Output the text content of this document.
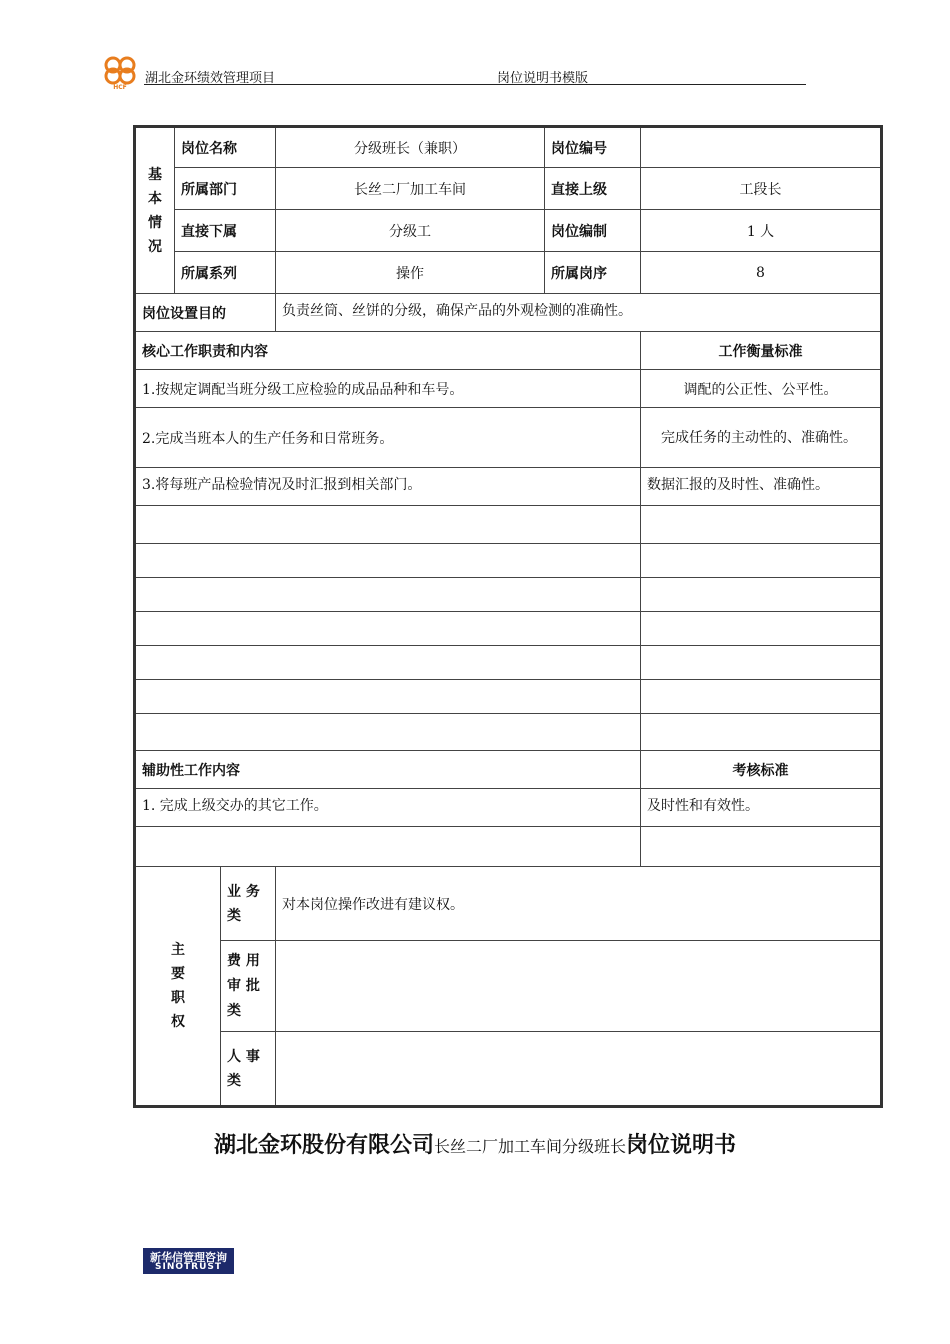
HCF
湖北金环绩效管理项目	岗位说明书模版
基
本
情
况	岗位名称		分级班长（兼职）	岗位编号	
	所属部门		长丝二厂加工车间	直接上级	工段长
	直接下属		分级工	岗位编制	1 人
	所属系列		操作	所属岗序	8
岗位设置目的			负责丝筒、丝饼的分级，确保产品的外观检测的准确性。		
核心工作职责和内容					工作衡量标准
1.按规定调配当班分级工应检验的成品品种和车号。					调配的公正性、公平性。
2.完成当班本人的生产任务和日常班务。					完成任务的主动性的、准确性。
3.将每班产品检验情况及时汇报到相关部门。					数据汇报的及时性、准确性。

辅助性工作内容					考核标准
1. 完成上级交办的其它工作。					及时性和有效性。

主
要
职
权		业 务
类	对本岗位操作改进有建议权。		
		费 用
审 批
类			
		人 事
类			
湖北金环股份有限公司长丝二厂加工车间分级班长岗位说明书
新华信管理咨询
SINOTRUST
